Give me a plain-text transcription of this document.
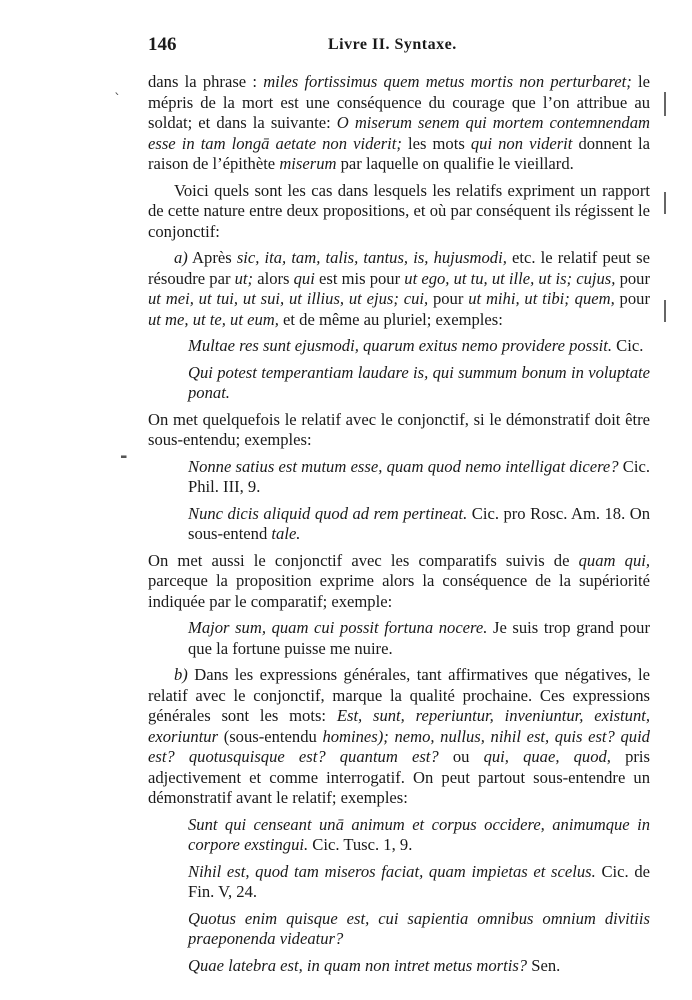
146	Livre II. Syntaxe.
ˋ
-

dans la phrase : miles fortissimus quem metus mortis non perturbaret; le mépris de la mort est une conséquence du courage que l’on attribue au soldat; et dans la suivante: O miserum senem qui mortem contemnendam esse in tam longā aetate non viderit; les mots qui non viderit donnent la raison de l’épithète miserum par laquelle on qualifie le vieillard.

Voici quels sont les cas dans lesquels les relatifs expriment un rapport de cette nature entre deux propositions, et où par conséquent ils régissent le conjonctif:

a) Après sic, ita, tam, talis, tantus, is, hujusmodi, etc. le relatif peut se résoudre par ut; alors qui est mis pour ut ego, ut tu, ut ille, ut is; cujus, pour ut mei, ut tui, ut sui, ut illius, ut ejus; cui, pour ut mihi, ut tibi; quem, pour ut me, ut te, ut eum, et de même au pluriel; exemples:

Multae res sunt ejusmodi, quarum exitus nemo providere possit. Cic.

Qui potest temperantiam laudare is, qui summum bonum in voluptate ponat.

On met quelquefois le relatif avec le conjonctif, si le démonstratif doit être sous-entendu; exemples:

Nonne satius est mutum esse, quam quod nemo intelligat dicere? Cic. Phil. III, 9.

Nunc dicis aliquid quod ad rem pertineat. Cic. pro Rosc. Am. 18. On sous-entend tale.

On met aussi le conjonctif avec les comparatifs suivis de quam qui, parceque la proposition exprime alors la conséquence de la supériorité indiquée par le comparatif; exemple:

Major sum, quam cui possit fortuna nocere. Je suis trop grand pour que la fortune puisse me nuire.

b) Dans les expressions générales, tant affirmatives que négatives, le relatif avec le conjonctif, marque la qualité prochaine. Ces expressions générales sont les mots: Est, sunt, reperiuntur, inveniuntur, existunt, exoriuntur (sous-entendu homines); nemo, nullus, nihil est, quis est? quid est? quotusquisque est? quantum est? ou qui, quae, quod, pris adjectivement et comme interrogatif. On peut partout sous-entendre un démonstratif avant le relatif; exemples:

Sunt qui censeant unā animum et corpus occidere, animumque in corpore exstingui. Cic. Tusc. 1, 9.

Nihil est, quod tam miseros faciat, quam impietas et scelus. Cic. de Fin. V, 24.

Quotus enim quisque est, cui sapientia omnibus omnium divitiis praeponenda videatur?

Quae latebra est, in quam non intret metus mortis? Sen.
